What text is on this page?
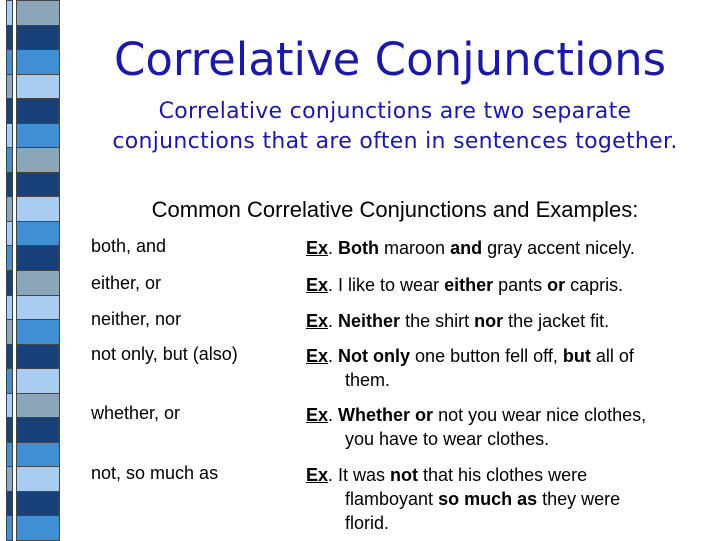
Correlative Conjunctions
Correlative conjunctions are two separate
conjunctions that are often in sentences together.
Common Correlative Conjunctions and Examples:
both, and	Ex. Both maroon and gray accent nicely.
either, or	Ex. I like to wear either pants or capris.
neither, nor	Ex. Neither the shirt nor the jacket fit.
not only, but (also)	Ex. Not only one button fell off, but all of
them.
whether, or	Ex. Whether or not you wear nice clothes,
you have to wear clothes.
not, so much as	Ex. It was not that his clothes were
flamboyant so much as they were
florid.
